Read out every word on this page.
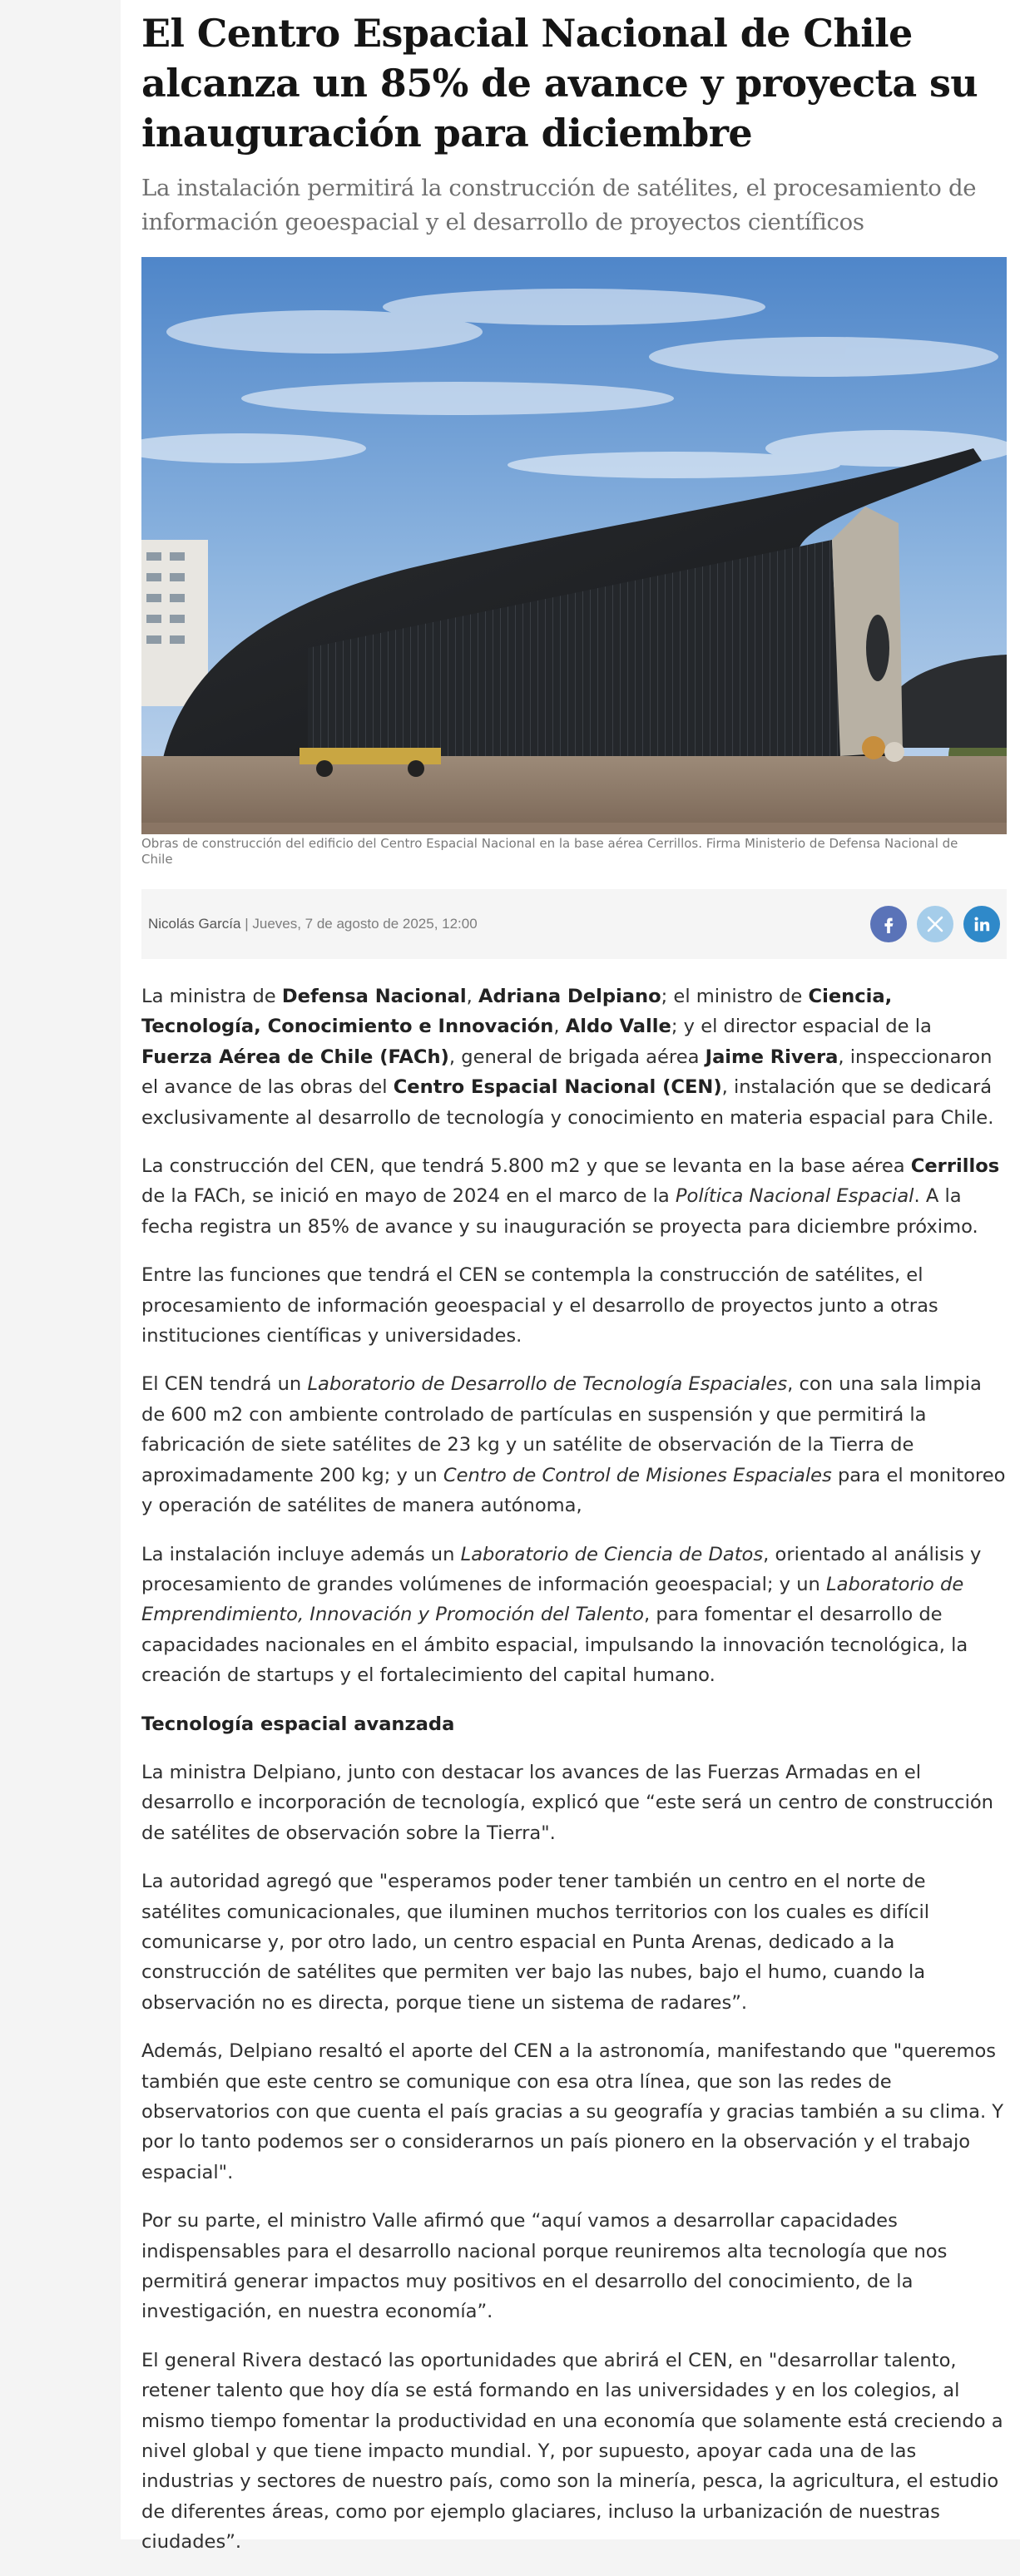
El Centro Espacial Nacional de Chile alcanza un 85% de avance y proyecta su inauguración para diciembre
La instalación permitirá la construcción de satélites, el procesamiento de información geoespacial y el desarrollo de proyectos científicos
Obras de construcción del edificio del Centro Espacial Nacional en la base aérea Cerrillos. Firma Ministerio de Defensa Nacional de Chile
Nicolás García | Jueves, 7 de agosto de 2025, 12:00

La ministra de Defensa Nacional, Adriana Delpiano; el ministro de Ciencia, Tecnología, Conocimiento e Innovación, Aldo Valle; y el director espacial de la Fuerza Aérea de Chile (FACh), general de brigada aérea Jaime Rivera, inspeccionaron el avance de las obras del Centro Espacial Nacional (CEN), instalación que se dedicará exclusivamente al desarrollo de tecnología y conocimiento en materia espacial para Chile.

La construcción del CEN, que tendrá 5.800 m2 y que se levanta en la base aérea Cerrillos de la FACh, se inició en mayo de 2024 en el marco de la Política Nacional Espacial. A la fecha registra un 85% de avance y su inauguración se proyecta para diciembre próximo.

Entre las funciones que tendrá el CEN se contempla la construcción de satélites, el procesamiento de información geoespacial y el desarrollo de proyectos junto a otras instituciones científicas y universidades.

El CEN tendrá un Laboratorio de Desarrollo de Tecnología Espaciales, con una sala limpia de 600 m2 con ambiente controlado de partículas en suspensión y que permitirá la fabricación de siete satélites de 23 kg y un satélite de observación de la Tierra de aproximadamente 200 kg; y un Centro de Control de Misiones Espaciales para el monitoreo y operación de satélites de manera autónoma,

La instalación incluye además un Laboratorio de Ciencia de Datos, orientado al análisis y procesamiento de grandes volúmenes de información geoespacial; y un Laboratorio de Emprendimiento, Innovación y Promoción del Talento, para fomentar el desarrollo de capacidades nacionales en el ámbito espacial, impulsando la innovación tecnológica, la creación de startups y el fortalecimiento del capital humano.

Tecnología espacial avanzada

La ministra Delpiano, junto con destacar los avances de las Fuerzas Armadas en el desarrollo e incorporación de tecnología, explicó que “este será un centro de construcción de satélites de observación sobre la Tierra".

La autoridad agregó que "esperamos poder tener también un centro en el norte de satélites comunicacionales, que iluminen muchos territorios con los cuales es difícil comunicarse y, por otro lado, un centro espacial en Punta Arenas, dedicado a la construcción de satélites que permiten ver bajo las nubes, bajo el humo, cuando la observación no es directa, porque tiene un sistema de radares”.

Además, Delpiano resaltó el aporte del CEN a la astronomía, manifestando que "queremos también que este centro se comunique con esa otra línea, que son las redes de observatorios con que cuenta el país gracias a su geografía y gracias también a su clima. Y por lo tanto podemos ser o considerarnos un país pionero en la observación y el trabajo espacial".

Por su parte, el ministro Valle afirmó que “aquí vamos a desarrollar capacidades indispensables para el desarrollo nacional porque reuniremos alta tecnología que nos permitirá generar impactos muy positivos en el desarrollo del conocimiento, de la investigación, en nuestra economía”.

El general Rivera destacó las oportunidades que abrirá el CEN, en "desarrollar talento, retener talento que hoy día se está formando en las universidades y en los colegios, al mismo tiempo fomentar la productividad en una economía que solamente está creciendo a nivel global y que tiene impacto mundial. Y, por supuesto, apoyar cada una de las industrias y sectores de nuestro país, como son la minería, pesca, la agricultura, el estudio de diferentes áreas, como por ejemplo glaciares, incluso la urbanización de nuestras ciudades”.
